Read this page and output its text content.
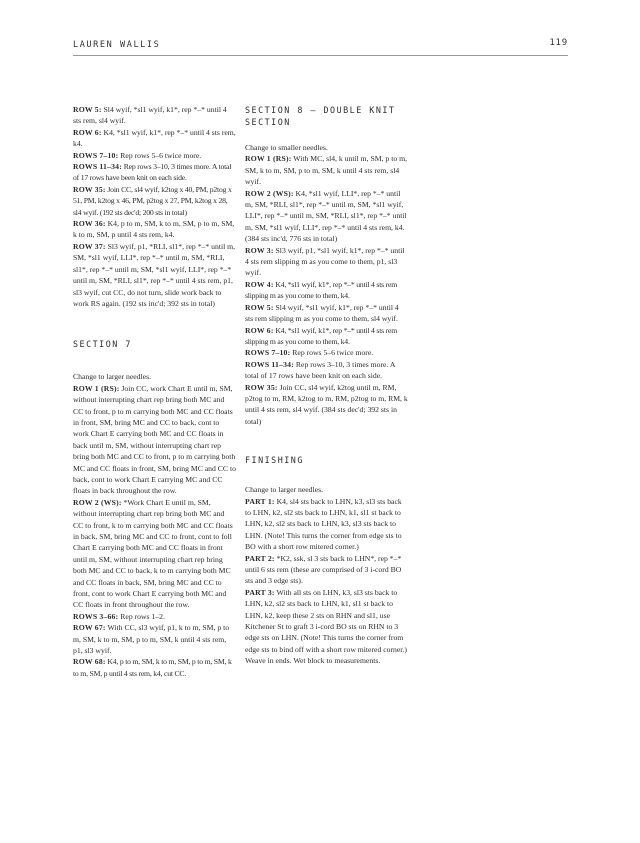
LAUREN WALLIS	119

ROW 5: Sl4 wyif, *sl1 wyif, k1*, rep *–* until 4 sts rem, sl4 wyif.

ROW 6: K4, *sl1 wyif, k1*, rep *–* until 4 sts rem, k4.

ROWS 7–10: Rep rows 5–6 twice more.

ROWS 11–34: Rep rows 3–10, 3 times more. A total of 17 rows have been knit on each side.

ROW 35: Join CC, sl4 wyif, k2tog x 40, PM, p2tog x 51, PM, k2tog x 46, PM, p2tog x 27, PM, k2tog x 28, sl4 wyif. (192 sts dec'd; 200 sts in total)

ROW 36: K4, p to m, SM, k to m, SM, p to m, SM, k to m, SM, p until 4 sts rem, k4.

ROW 37: Sl3 wyif, p1, *RLI, sl1*, rep *–* until m, SM, *sl1 wyif, LLI*, rep *–* until m, SM, *RLI, sl1*, rep *–* until m, SM, *sl1 wyif, LLI*, rep *–* until m, SM, *RLI, sl1*, rep *–* until 4 sts rem, p1, sl3 wyif, cut CC, do not turn, slide work back to work RS again. (192 sts inc'd; 392 sts in total)

SECTION 7

Change to larger needles.

ROW 1 (RS): Join CC, work Chart E until m, SM, without interrupting chart rep bring both MC and CC to front, p to m carrying both MC and CC floats in front, SM, bring MC and CC to back, cont to work Chart E carrying both MC and CC floats in back until m, SM, without interrupting chart rep bring both MC and CC to front, p to m carrying both MC and CC floats in front, SM, bring MC and CC to back, cont to work Chart E carrying MC and CC floats in back throughout the row.

ROW 2 (WS): *Work Chart E until m, SM, without interrupting chart rep bring both MC and CC to front, k to m carrying both MC and CC floats in back, SM, bring MC and CC to front, cont to foll Chart E carrying both MC and CC floats in front until m, SM, without interrupting chart rep bring both MC and CC to back, k to m carrying both MC and CC floats in back, SM, bring MC and CC to front, cont to work Chart E carrying both MC and CC floats in front throughout the row.

ROWS 3–66: Rep rows 1–2.

ROW 67: With CC, sl3 wyif, p1, k to m, SM, p to m, SM, k to m, SM, p to m, SM, k until 4 sts rem, p1, sl3 wyif.

ROW 68: K4, p to m, SM, k to m, SM, p to m, SM, k to m, SM, p until 4 sts rem, k4, cut CC.

SECTION 8 – DOUBLE KNIT SECTION

Change to smaller needles.

ROW 1 (RS): With MC, sl4, k until m, SM, p to m, SM, k to m, SM, p to m, SM, k until 4 sts rem, sl4 wyif.

ROW 2 (WS): K4, *sl1 wyif, LLI*, rep *–* until m, SM, *RLI, sl1*, rep *–* until m, SM, *sl1 wyif, LLI*, rep *–* until m, SM, *RLI, sl1*, rep *–* until m, SM, *sl1 wyif, LLI*, rep *–* until 4 sts rem, k4. (384 sts inc'd, 776 sts in total)

ROW 3: Sl3 wyif, p1, *sl1 wyif, k1*, rep *–* until 4 sts rem slipping m as you come to them, p1, sl3 wyif.

ROW 4: K4, *sl1 wyif, k1*, rep *–* until 4 sts rem slipping m as you come to them, k4.

ROW 5: Sl4 wyif, *sl1 wyif, k1*, rep *–* until 4 sts rem slipping m as you come to them, sl4 wyif.

ROW 6: K4, *sl1 wyif, k1*, rep *–* until 4 sts rem slipping m as you come to them, k4.

ROWS 7–10: Rep rows 5–6 twice more.

ROWS 11–34: Rep rows 3–10, 3 times more. A total of 17 rows have been knit on each side.

ROW 35: Join CC, sl4 wyif, k2tog until m, RM, p2tog to m, RM, k2tog to m, RM, p2tog to m, RM, k until 4 sts rem, sl4 wyif. (384 sts dec'd; 392 sts in total)

FINISHING

Change to larger needles.

PART 1: K4, sl4 sts back to LHN, k3, sl3 sts back to LHN, k2, sl2 sts back to LHN, k1, sl1 st back to LHN, k2, sl2 sts back to LHN, k3, sl3 sts back to LHN. (Note! This turns the corner from edge sts to BO with a short row mitered corner.)

PART 2: *K2, ssk, sl 3 sts back to LHN*, rep *–* until 6 sts rem (these are comprised of 3 i-cord BO sts and 3 edge sts).

PART 3: With all sts on LHN, k3, sl3 sts back to LHN, k2, sl2 sts back to LHN, k1, sl1 st back to LHN, k2, keep these 2 sts on RHN and sl1, use Kitchener St to graft 3 i-cord BO sts on RHN to 3 edge sts on LHN. (Note! This turns the corner from edge sts to bind off with a short row mitered corner.)

Weave in ends. Wet block to measurements.
